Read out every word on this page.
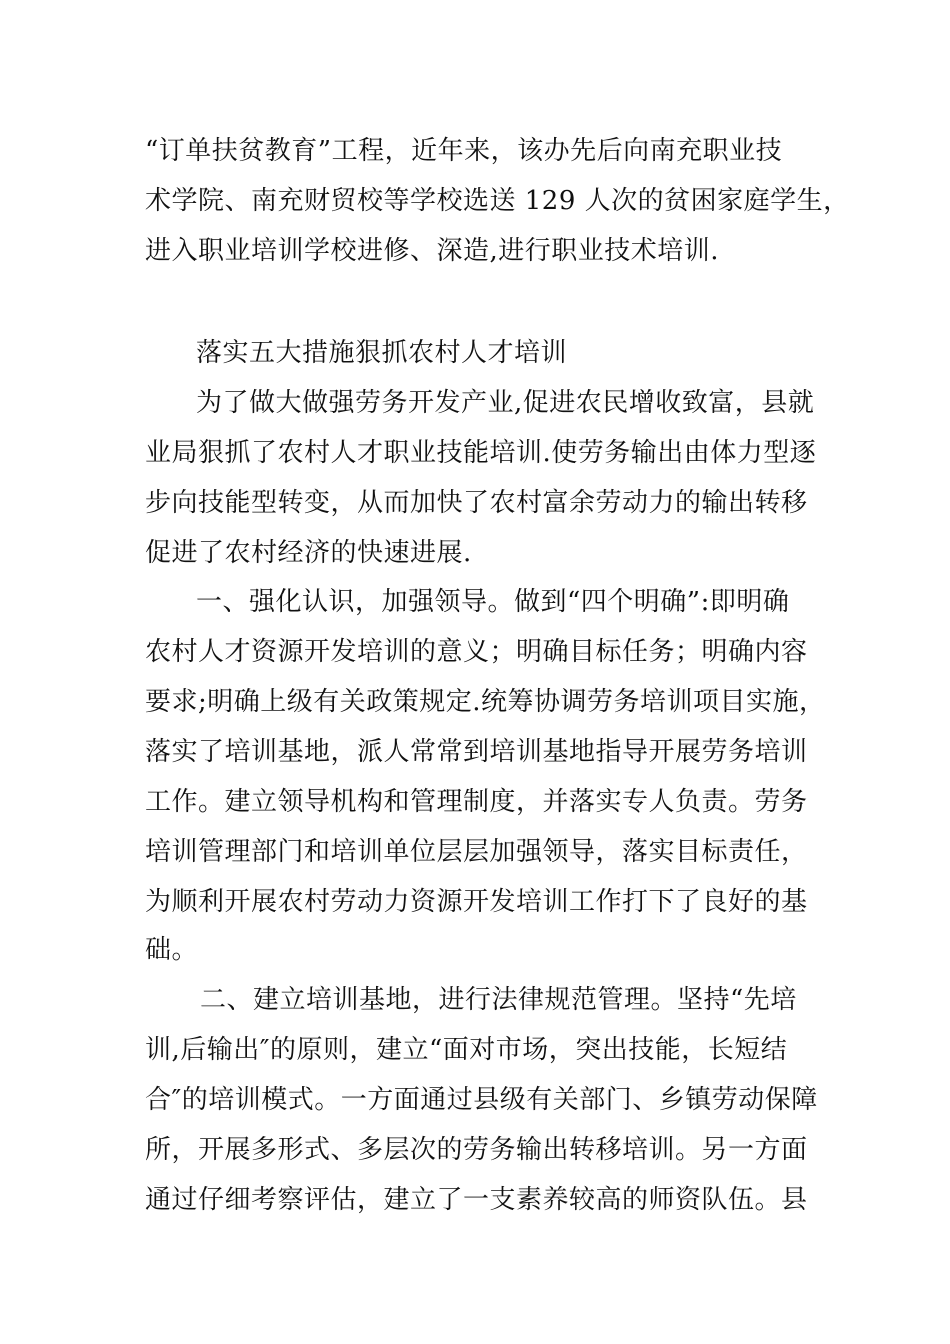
“订单扶贫教育”工程，近年来，该办先后向南充职业技
术学院、南充财贸校等学校选送 129 人次的贫困家庭学生，
进入职业培训学校进修、深造,进行职业技术培训.
落实五大措施狠抓农村人才培训
为了做大做强劳务开发产业,促进农民增收致富，县就
业局狠抓了农村人才职业技能培训.使劳务输出由体力型逐
步向技能型转变，从而加快了农村富余劳动力的输出转移
促进了农村经济的快速进展.
一、强化认识，加强领导。做到“四个明确”:即明确
农村人才资源开发培训的意义；明确目标任务；明确内容
要求;明确上级有关政策规定.统筹协调劳务培训项目实施，
落实了培训基地，派人常常到培训基地指导开展劳务培训
工作。建立领导机构和管理制度，并落实专人负责。劳务
培训管理部门和培训单位层层加强领导，落实目标责任，
为顺利开展农村劳动力资源开发培训工作打下了良好的基
础。
二、建立培训基地，进行法律规范管理。坚持“先培
训,后输出″的原则，建立“面对市场，突出技能，长短结
合″的培训模式。一方面通过县级有关部门、乡镇劳动保障
所，开展多形式、多层次的劳务输出转移培训。另一方面
通过仔细考察评估，建立了一支素养较高的师资队伍。县
